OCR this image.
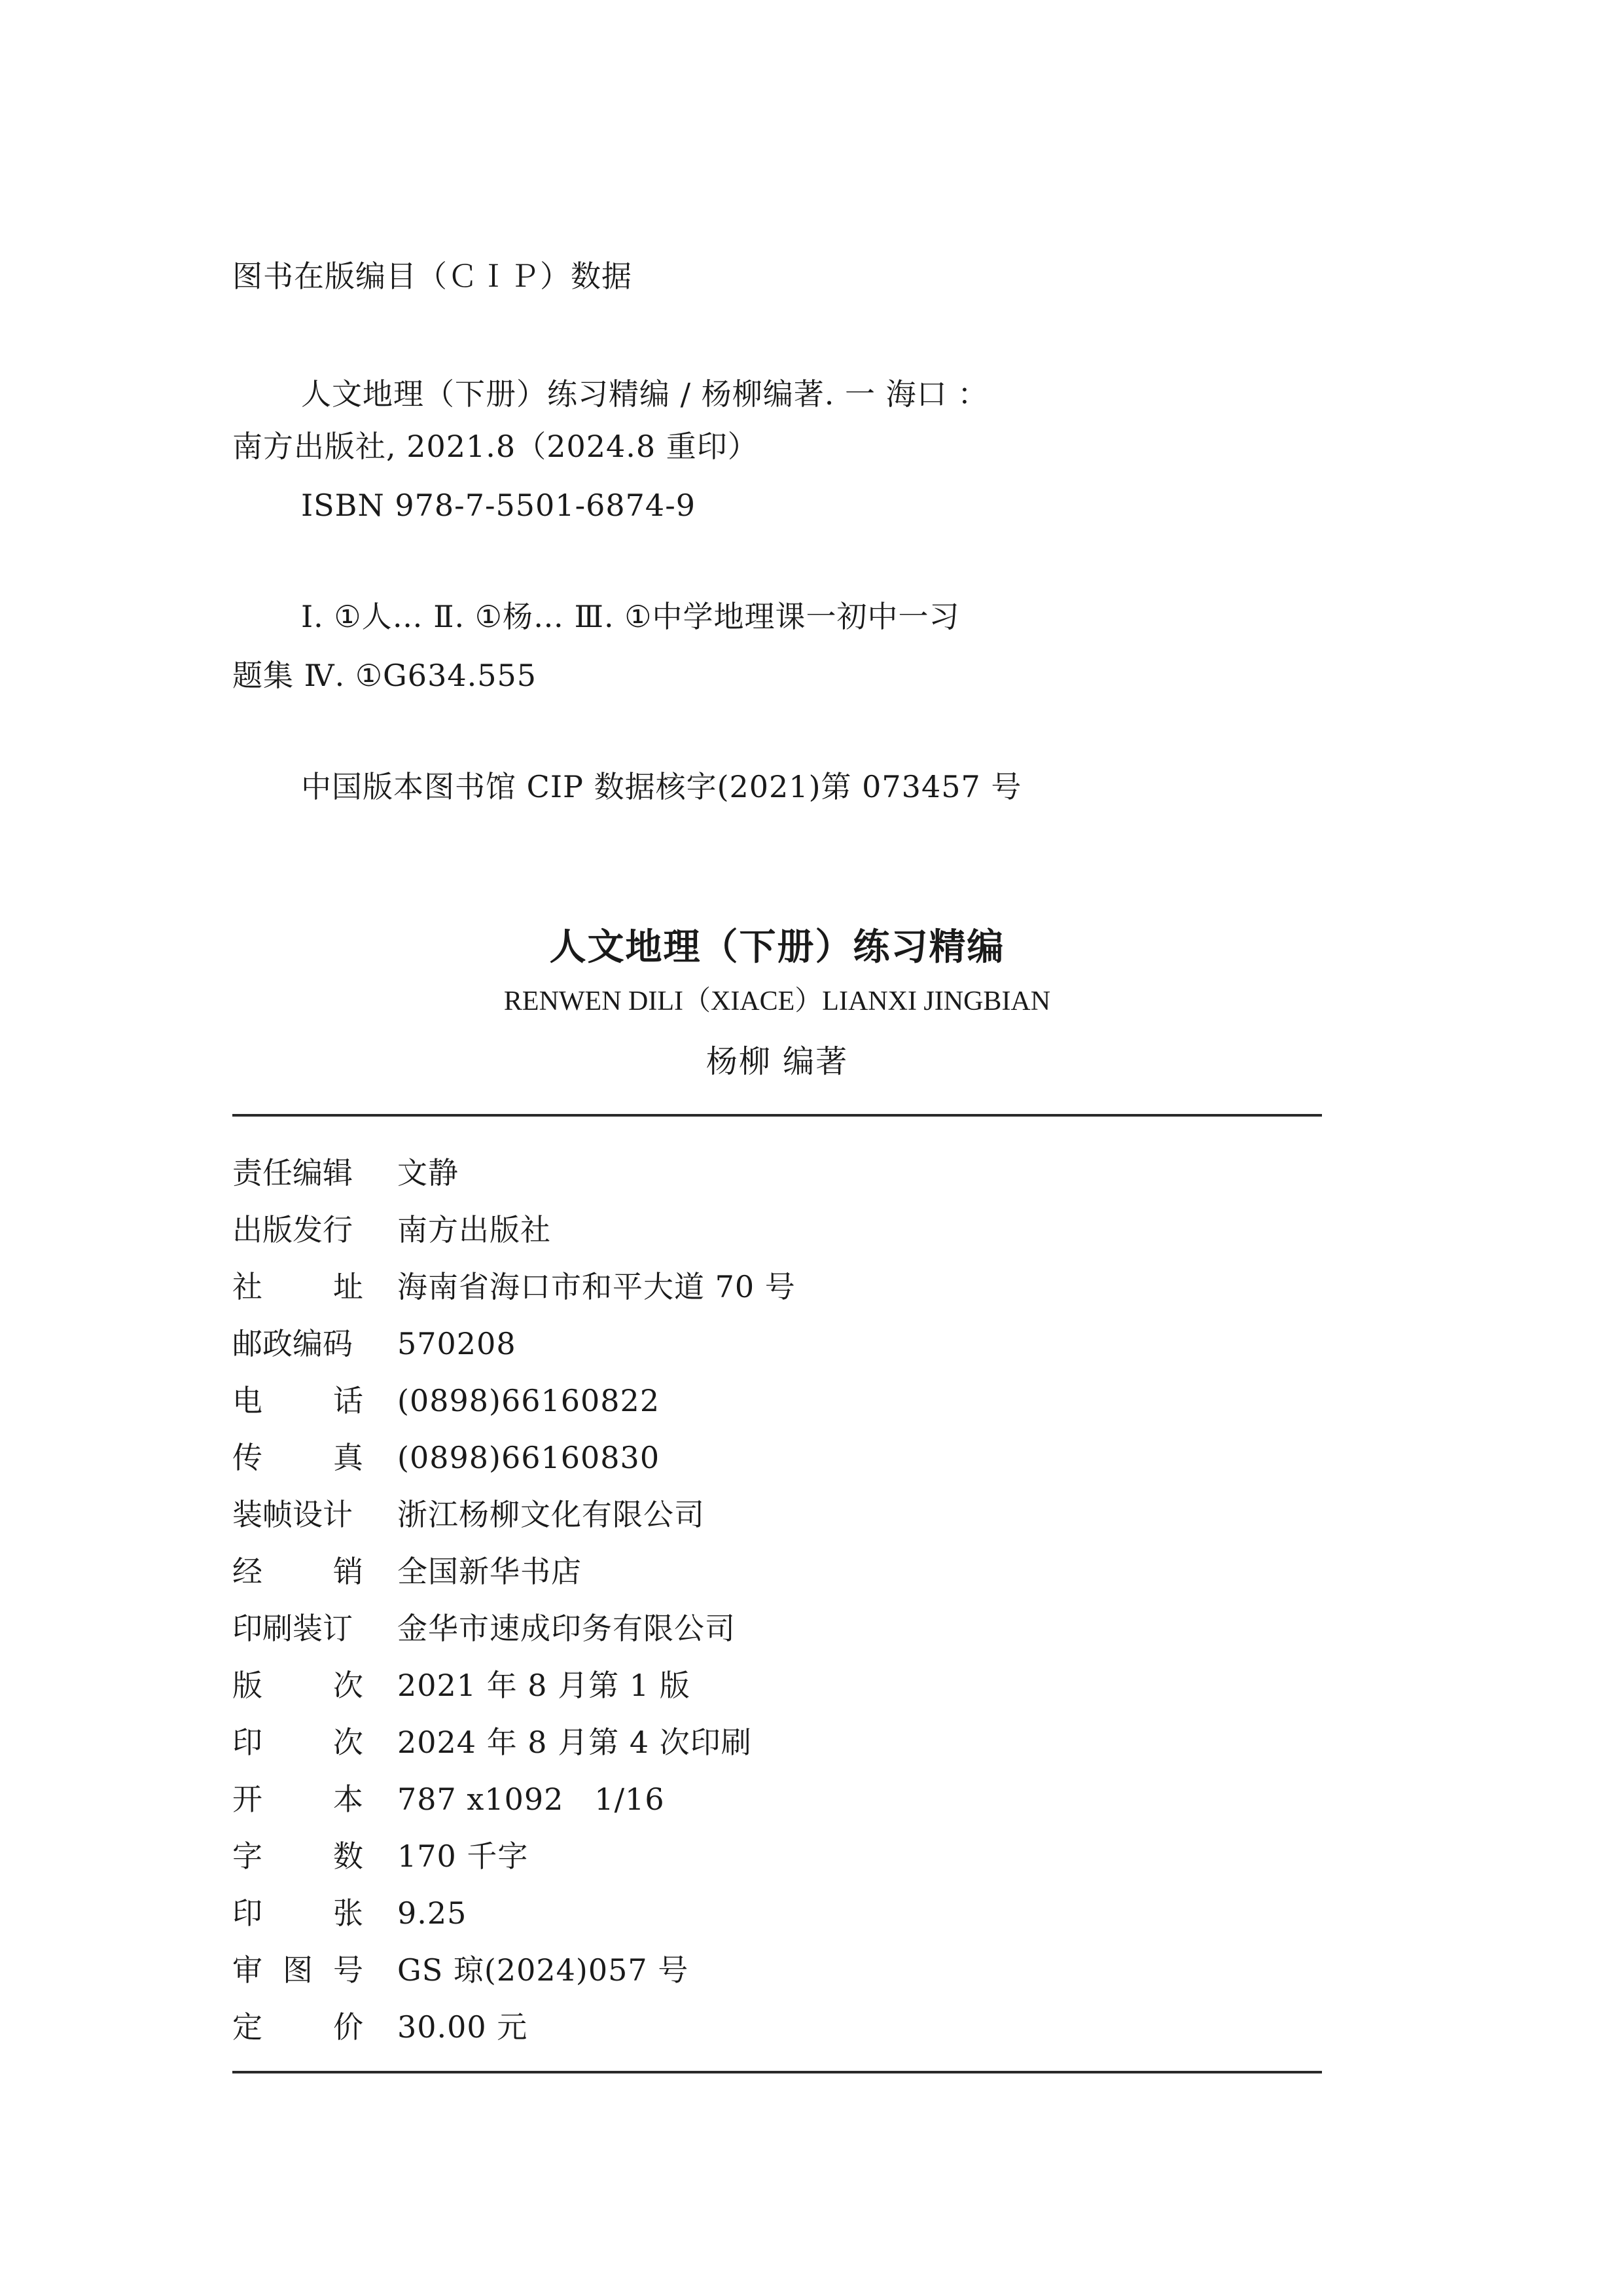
图书在版编目（ＣＩＰ）数据
人文地理（下册）练习精编 / 杨柳编著. 一 海口 ：
南方出版社, 2021.8（2024.8 重印）
ISBN 978-7-5501-6874-9
Ⅰ. ①人… Ⅱ. ①杨… Ⅲ. ①中学地理课一初中一习
题集 Ⅳ. ①G634.555
中国版本图书馆 CIP 数据核字(2021)第 073457 号
人文地理（下册）练习精编
RENWEN DILI（XIACE）LIANXI JINGBIAN
杨柳 编著
责任编辑	文静
出版发行	南方出版社
社 址 海南省海口市和平大道 70 号
邮政编码	570208
电 话 (0898)66160822
传 真 (0898)66160830
装帧设计	浙江杨柳文化有限公司
经 销 全国新华书店
印刷装订	金华市速成印务有限公司
版 次 2021 年 8 月第 1 版
印 次 2024 年 8 月第 4 次印刷
开 本 787 x1092   1/16
字 数 170 千字
印 张 9.25
审 图 号 GS 琼(2024)057 号
定 价 30.00 元
